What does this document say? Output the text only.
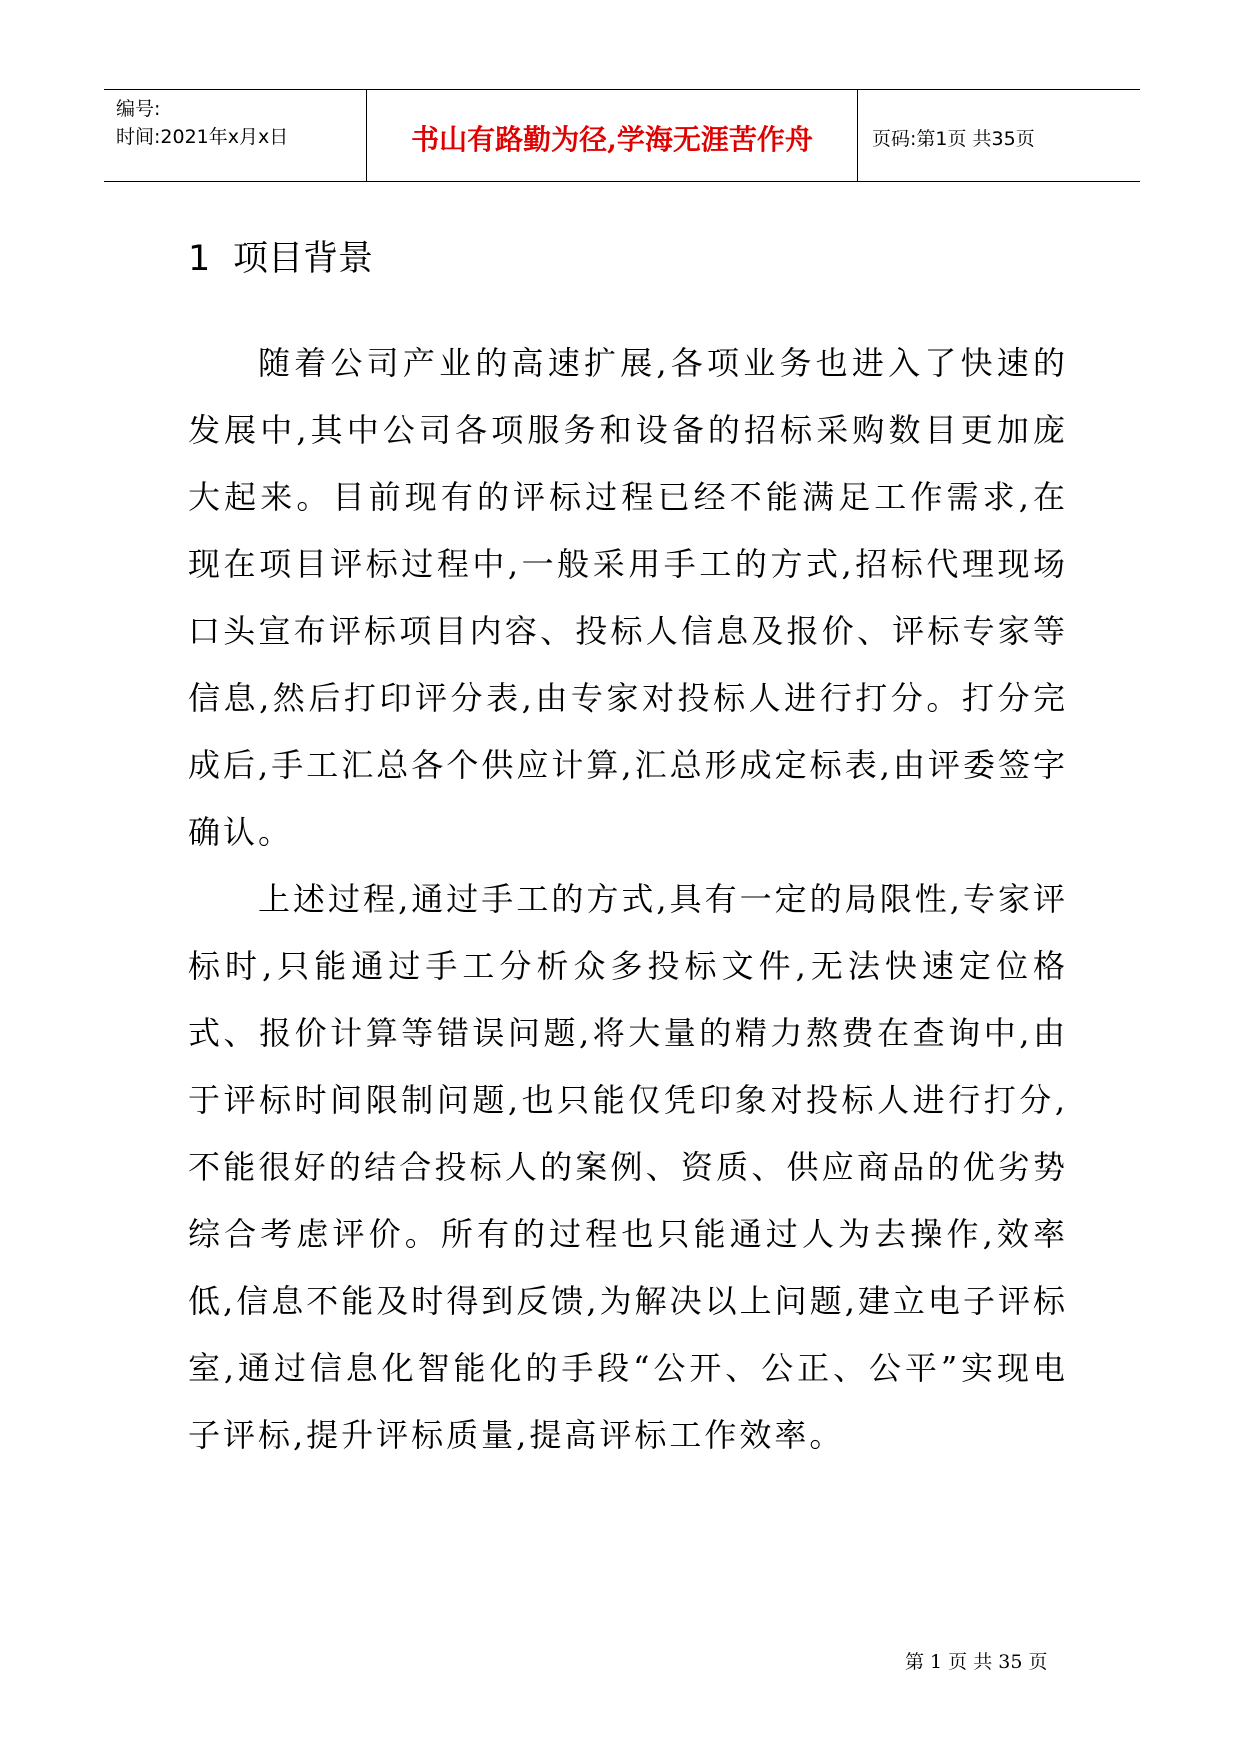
编号:
时间:2021年x月x日	书山有路勤为径,学海无涯苦作舟	页码:第1页 共35页
1 项目背景

随着公司产业的高速扩展,各项业务也进入了快速的发展中,其中公司各项服务和设备的招标采购数目更加庞大起来。目前现有的评标过程已经不能满足工作需求,在现在项目评标过程中,一般采用手工的方式,招标代理现场口头宣布评标项目内容、投标人信息及报价、评标专家等信息,然后打印评分表,由专家对投标人进行打分。打分完成后,手工汇总各个供应计算,汇总形成定标表,由评委签字确认。

上述过程,通过手工的方式,具有一定的局限性,专家评标时,只能通过手工分析众多投标文件,无法快速定位格式、报价计算等错误问题,将大量的精力熬费在查询中,由于评标时间限制问题,也只能仅凭印象对投标人进行打分,不能很好的结合投标人的案例、资质、供应商品的优劣势综合考虑评价。所有的过程也只能通过人为去操作,效率低,信息不能及时得到反馈,为解决以上问题,建立电子评标室,通过信息化智能化的手段“公开、公正、公平”实现电子评标,提升评标质量,提高评标工作效率。

第 1 页 共 35 页
